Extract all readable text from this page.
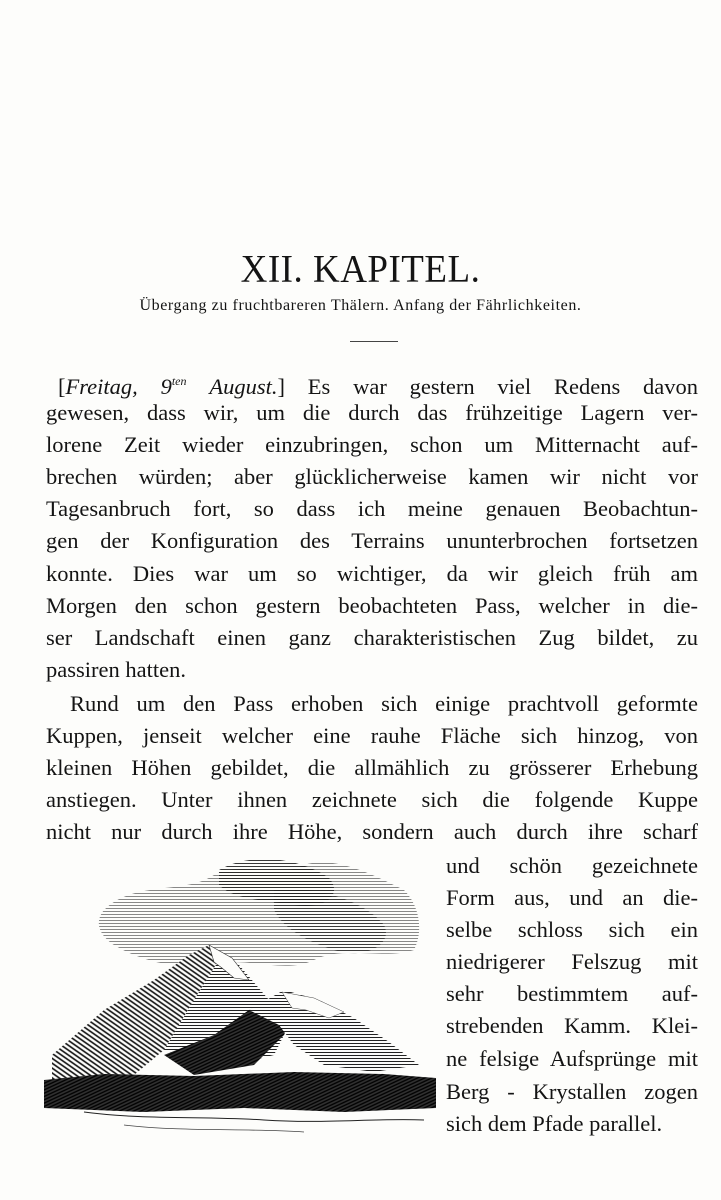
XII. KAPITEL.
Übergang zu fruchtbareren Thälern. Anfang der Fährlichkeiten.
[Freitag, $9^{ten}$ August.] Es war gestern viel Redens davon
gewesen, dass wir, um die durch das frühzeitige Lagern ver-
lorene Zeit wieder einzubringen, schon um Mitternacht auf-
brechen würden; aber glücklicherweise kamen wir nicht vor
Tagesanbruch fort, so dass ich meine genauen Beobachtun-
gen der Konfiguration des Terrains ununterbrochen fortsetzen
konnte. Dies war um so wichtiger, da wir gleich früh am
Morgen den schon gestern beobachteten Pass, welcher in die-
ser Landschaft einen ganz charakteristischen Zug bildet, zu
passiren hatten.
Rund um den Pass erhoben sich einige prachtvoll geformte
Kuppen, jenseit welcher eine rauhe Fläche sich hinzog, von
kleinen Höhen gebildet, die allmählich zu grösserer Erhebung
anstiegen. Unter ihnen zeichnete sich die folgende Kuppe
nicht nur durch ihre Höhe, sondern auch durch ihre scharf
und schön gezeichnete
Form aus, und an die-
selbe schloss sich ein
niedrigerer Felszug mit
sehr bestimmtem auf-
strebenden Kamm. Klei-
ne felsige Aufsprünge mit
Berg - Krystallen zogen
sich dem Pfade parallel.
